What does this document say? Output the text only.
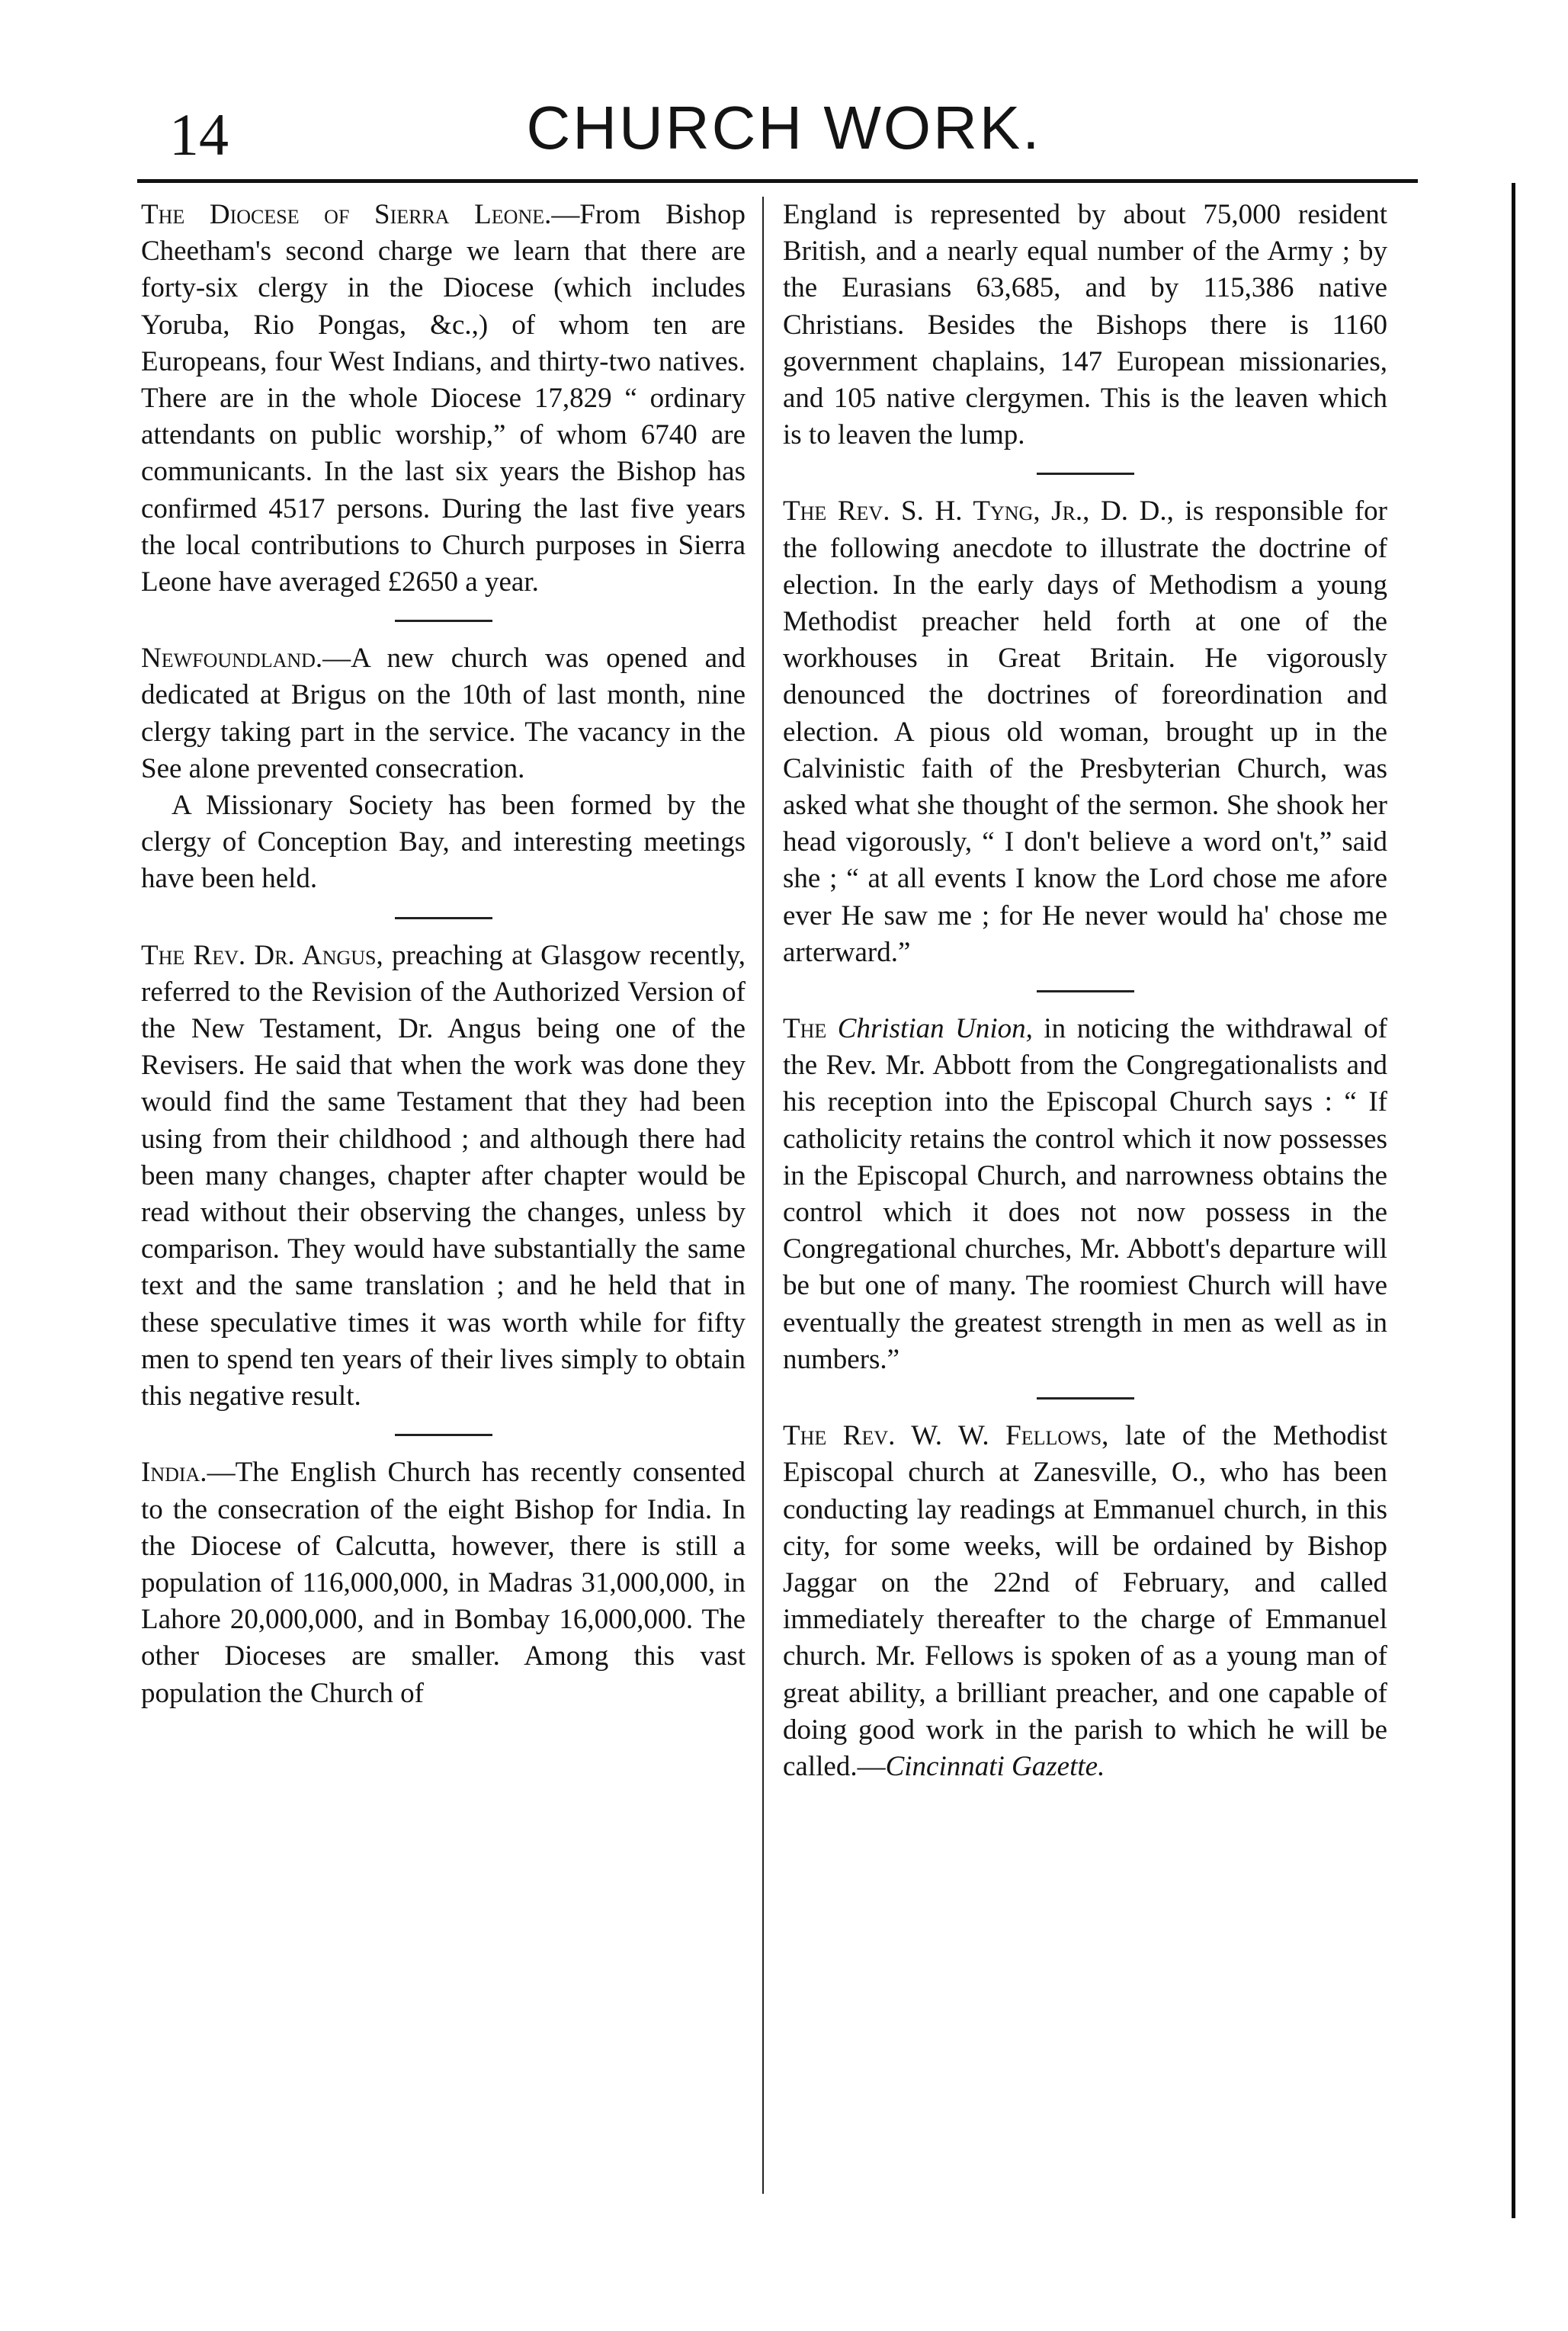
14	CHURCH WORK.

The Diocese of Sierra Leone.—From Bishop Cheetham's second charge we learn that there are forty-six clergy in the Diocese (which includes Yoruba, Rio Pongas, &c.,) of whom ten are Europeans, four West Indians, and thirty-two natives. There are in the whole Diocese 17,829 “ ordinary attendants on public worship,” of whom 6740 are communicants. In the last six years the Bishop has confirmed 4517 persons. During the last five years the local contributions to Church purposes in Sierra Leone have averaged £2650 a year.

Newfoundland.—A new church was opened and dedicated at Brigus on the 10th of last month, nine clergy taking part in the service. The vacancy in the See alone prevented consecration.

A Missionary Society has been formed by the clergy of Conception Bay, and interesting meetings have been held.

The Rev. Dr. Angus, preaching at Glasgow recently, referred to the Revision of the Authorized Version of the New Testament, Dr. Angus being one of the Revisers. He said that when the work was done they would find the same Testament that they had been using from their childhood ; and although there had been many changes, chapter after chapter would be read without their observing the changes, unless by comparison. They would have substantially the same text and the same translation ; and he held that in these speculative times it was worth while for fifty men to spend ten years of their lives simply to obtain this negative result.

India.—The English Church has recently consented to the consecration of the eight Bishop for India. In the Diocese of Calcutta, however, there is still a population of 116,000,000, in Madras 31,000,000, in Lahore 20,000,000, and in Bombay 16,000,000. The other Dioceses are smaller. Among this vast population the Church of

England is represented by about 75,000 resident British, and a nearly equal number of the Army ; by the Eurasians 63,685, and by 115,386 native Christians. Besides the Bishops there is 1160 government chaplains, 147 European missionaries, and 105 native clergymen. This is the leaven which is to leaven the lump.

The Rev. S. H. Tyng, Jr., D. D., is responsible for the following anecdote to illustrate the doctrine of election. In the early days of Methodism a young Methodist preacher held forth at one of the workhouses in Great Britain. He vigorously denounced the doctrines of foreordination and election. A pious old woman, brought up in the Calvinistic faith of the Presbyterian Church, was asked what she thought of the sermon. She shook her head vigorously, “ I don't believe a word on't,” said she ; “ at all events I know the Lord chose me afore ever He saw me ; for He never would ha' chose me arterward.”

The Christian Union, in noticing the withdrawal of the Rev. Mr. Abbott from the Congregationalists and his reception into the Episcopal Church says : “ If catholicity retains the control which it now possesses in the Episcopal Church, and narrowness obtains the control which it does not now possess in the Congregational churches, Mr. Abbott's departure will be but one of many. The roomiest Church will have eventually the greatest strength in men as well as in numbers.”

The Rev. W. W. Fellows, late of the Methodist Episcopal church at Zanesville, O., who has been conducting lay readings at Emmanuel church, in this city, for some weeks, will be ordained by Bishop Jaggar on the 22nd of February, and called immediately thereafter to the charge of Emmanuel church. Mr. Fellows is spoken of as a young man of great ability, a brilliant preacher, and one capable of doing good work in the parish to which he will be called.—Cincinnati Gazette.
